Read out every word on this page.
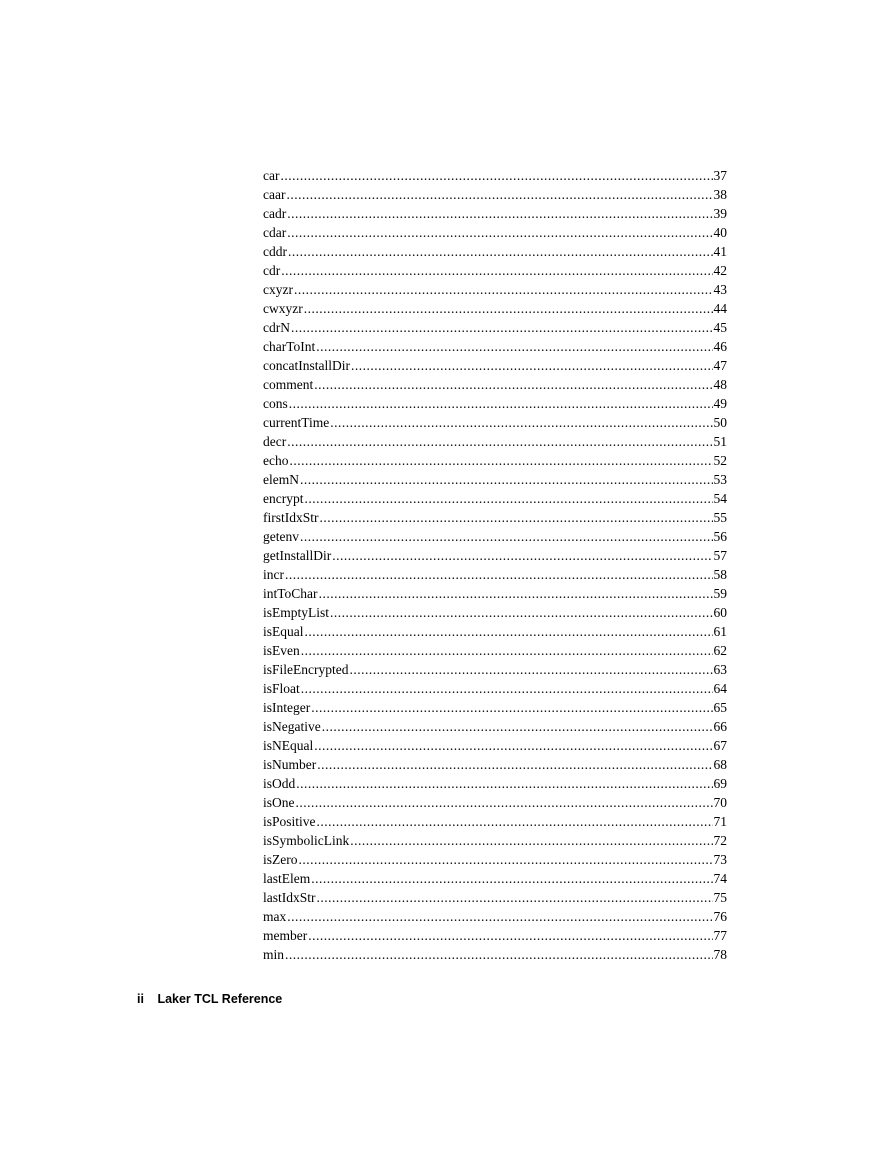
car .....	37
caar .....	38
cadr .....	39
cdar .....	40
cddr .....	41
cdr .....	42
cxyzr .....	43
cwxyzr .....	44
cdrN .....	45
charToInt .....	46
concatInstallDir .....	47
comment .....	48
cons .....	49
currentTime .....	50
decr .....	51
echo .....	52
elemN .....	53
encrypt .....	54
firstIdxStr .....	55
getenv .....	56
getInstallDir .....	57
incr .....	58
intToChar .....	59
isEmptyList .....	60
isEqual .....	61
isEven .....	62
isFileEncrypted .....	63
isFloat .....	64
isInteger .....	65
isNegative .....	66
isNEqual .....	67
isNumber .....	68
isOdd .....	69
isOne .....	70
isPositive .....	71
isSymbolicLink .....	72
isZero .....	73
lastElem .....	74
lastIdxStr .....	75
max .....	76
member .....	77
min .....	78
ii Laker TCL Reference
